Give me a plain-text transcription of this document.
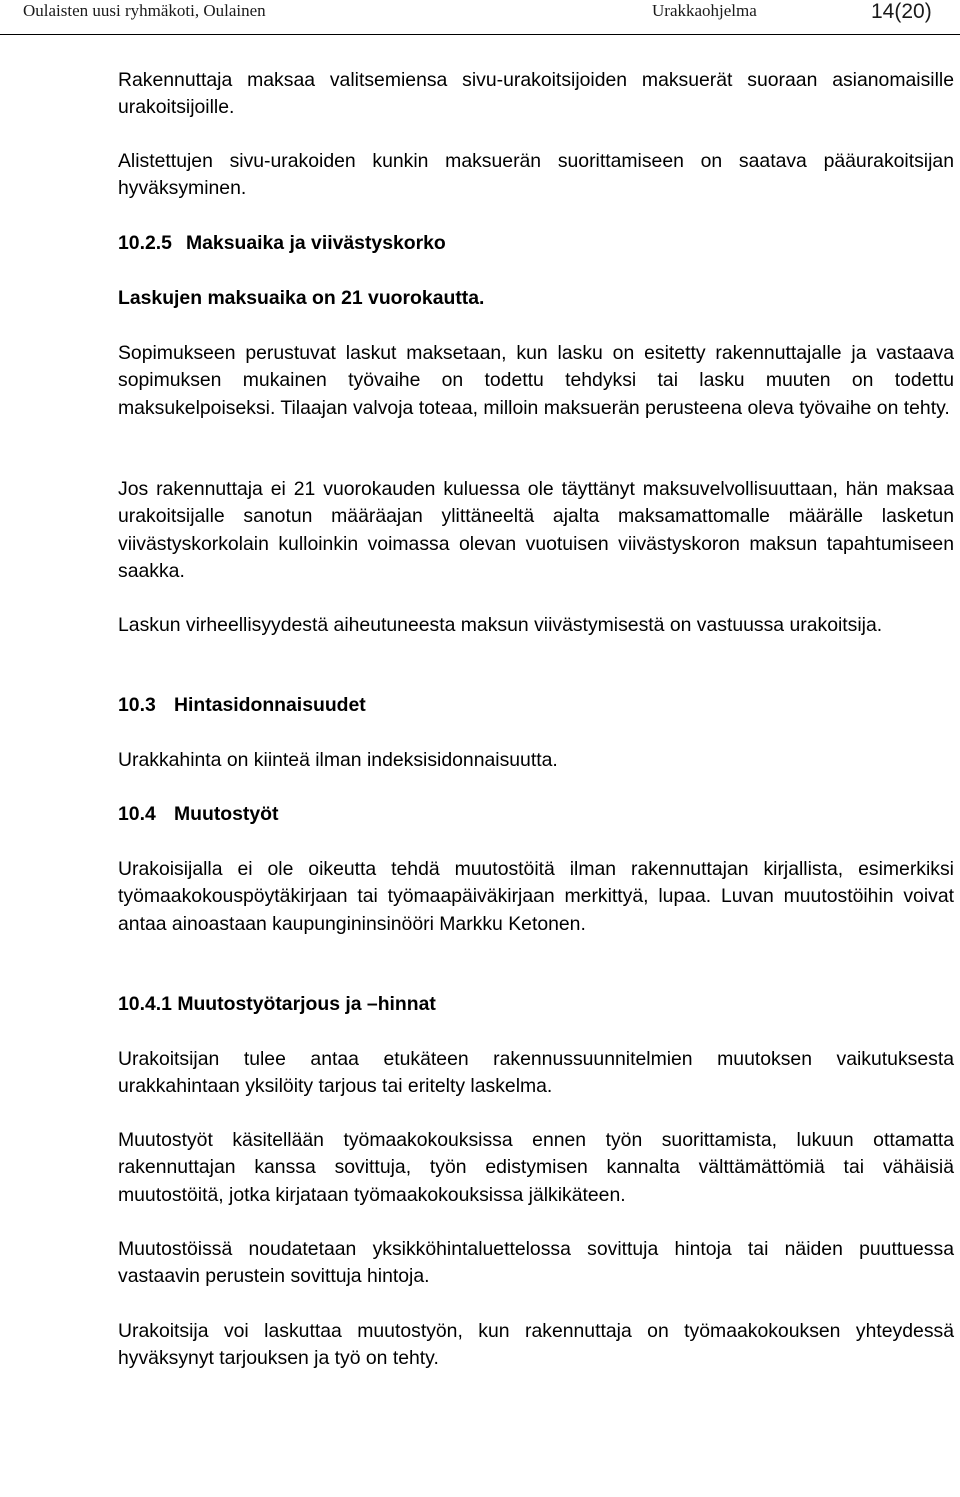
Oulaisten uusi ryhmäkoti, Oulainen	Urakkaohjelma	14(20)

Rakennuttaja maksaa valitsemiensa sivu-urakoitsijoiden maksuerät suoraan asianomaisille urakoitsijoille.

Alistettujen sivu-urakoiden kunkin maksuerän suorittamiseen on saatava pääurakoitsijan hyväksyminen.

10.2.5 Maksuaika ja viivästyskorko

Laskujen maksuaika on 21 vuorokautta.

Sopimukseen perustuvat laskut maksetaan, kun lasku on esitetty rakennuttajalle ja vastaava sopimuksen mukainen työvaihe on todettu tehdyksi tai lasku muuten on todettu maksukelpoiseksi. Tilaajan valvoja toteaa, milloin maksuerän perusteena oleva työvaihe on tehty.

Jos rakennuttaja ei 21 vuorokauden kuluessa ole täyttänyt maksuvelvollisuuttaan, hän maksaa urakoitsijalle sanotun määräajan ylittäneeltä ajalta maksamattomalle määrälle lasketun viivästyskorkolain kulloinkin voimassa olevan vuotuisen viivästyskoron maksun tapahtumiseen saakka.

Laskun virheellisyydestä aiheutuneesta maksun viivästymisestä on vastuussa urakoitsija.

10.3 Hintasidonnaisuudet

Urakkahinta on kiinteä ilman indeksisidonnaisuutta.

10.4 Muutostyöt

Urakoisijalla ei ole oikeutta tehdä muutostöitä ilman rakennuttajan kirjallista, esimerkiksi työmaakokouspöytäkirjaan tai työmaapäiväkirjaan merkittyä, lupaa. Luvan muutostöihin voivat antaa ainoastaan kaupungininsinööri Markku Ketonen.

10.4.1 Muutostyötarjous ja –hinnat

Urakoitsijan tulee antaa etukäteen rakennussuunnitelmien muutoksen vaikutuksesta urakkahintaan yksilöity tarjous tai eritelty laskelma.

Muutostyöt käsitellään työmaakokouksissa ennen työn suorittamista, lukuun ottamatta rakennuttajan kanssa sovittuja, työn edistymisen kannalta välttämättömiä tai vähäisiä muutostöitä, jotka kirjataan työmaakokouksissa jälkikäteen.

Muutostöissä noudatetaan yksikköhintaluettelossa sovittuja hintoja tai näiden puuttuessa vastaavin perustein sovittuja hintoja.

Urakoitsija voi laskuttaa muutostyön, kun rakennuttaja on työmaakokouksen yhteydessä hyväksynyt tarjouksen ja työ on tehty.
